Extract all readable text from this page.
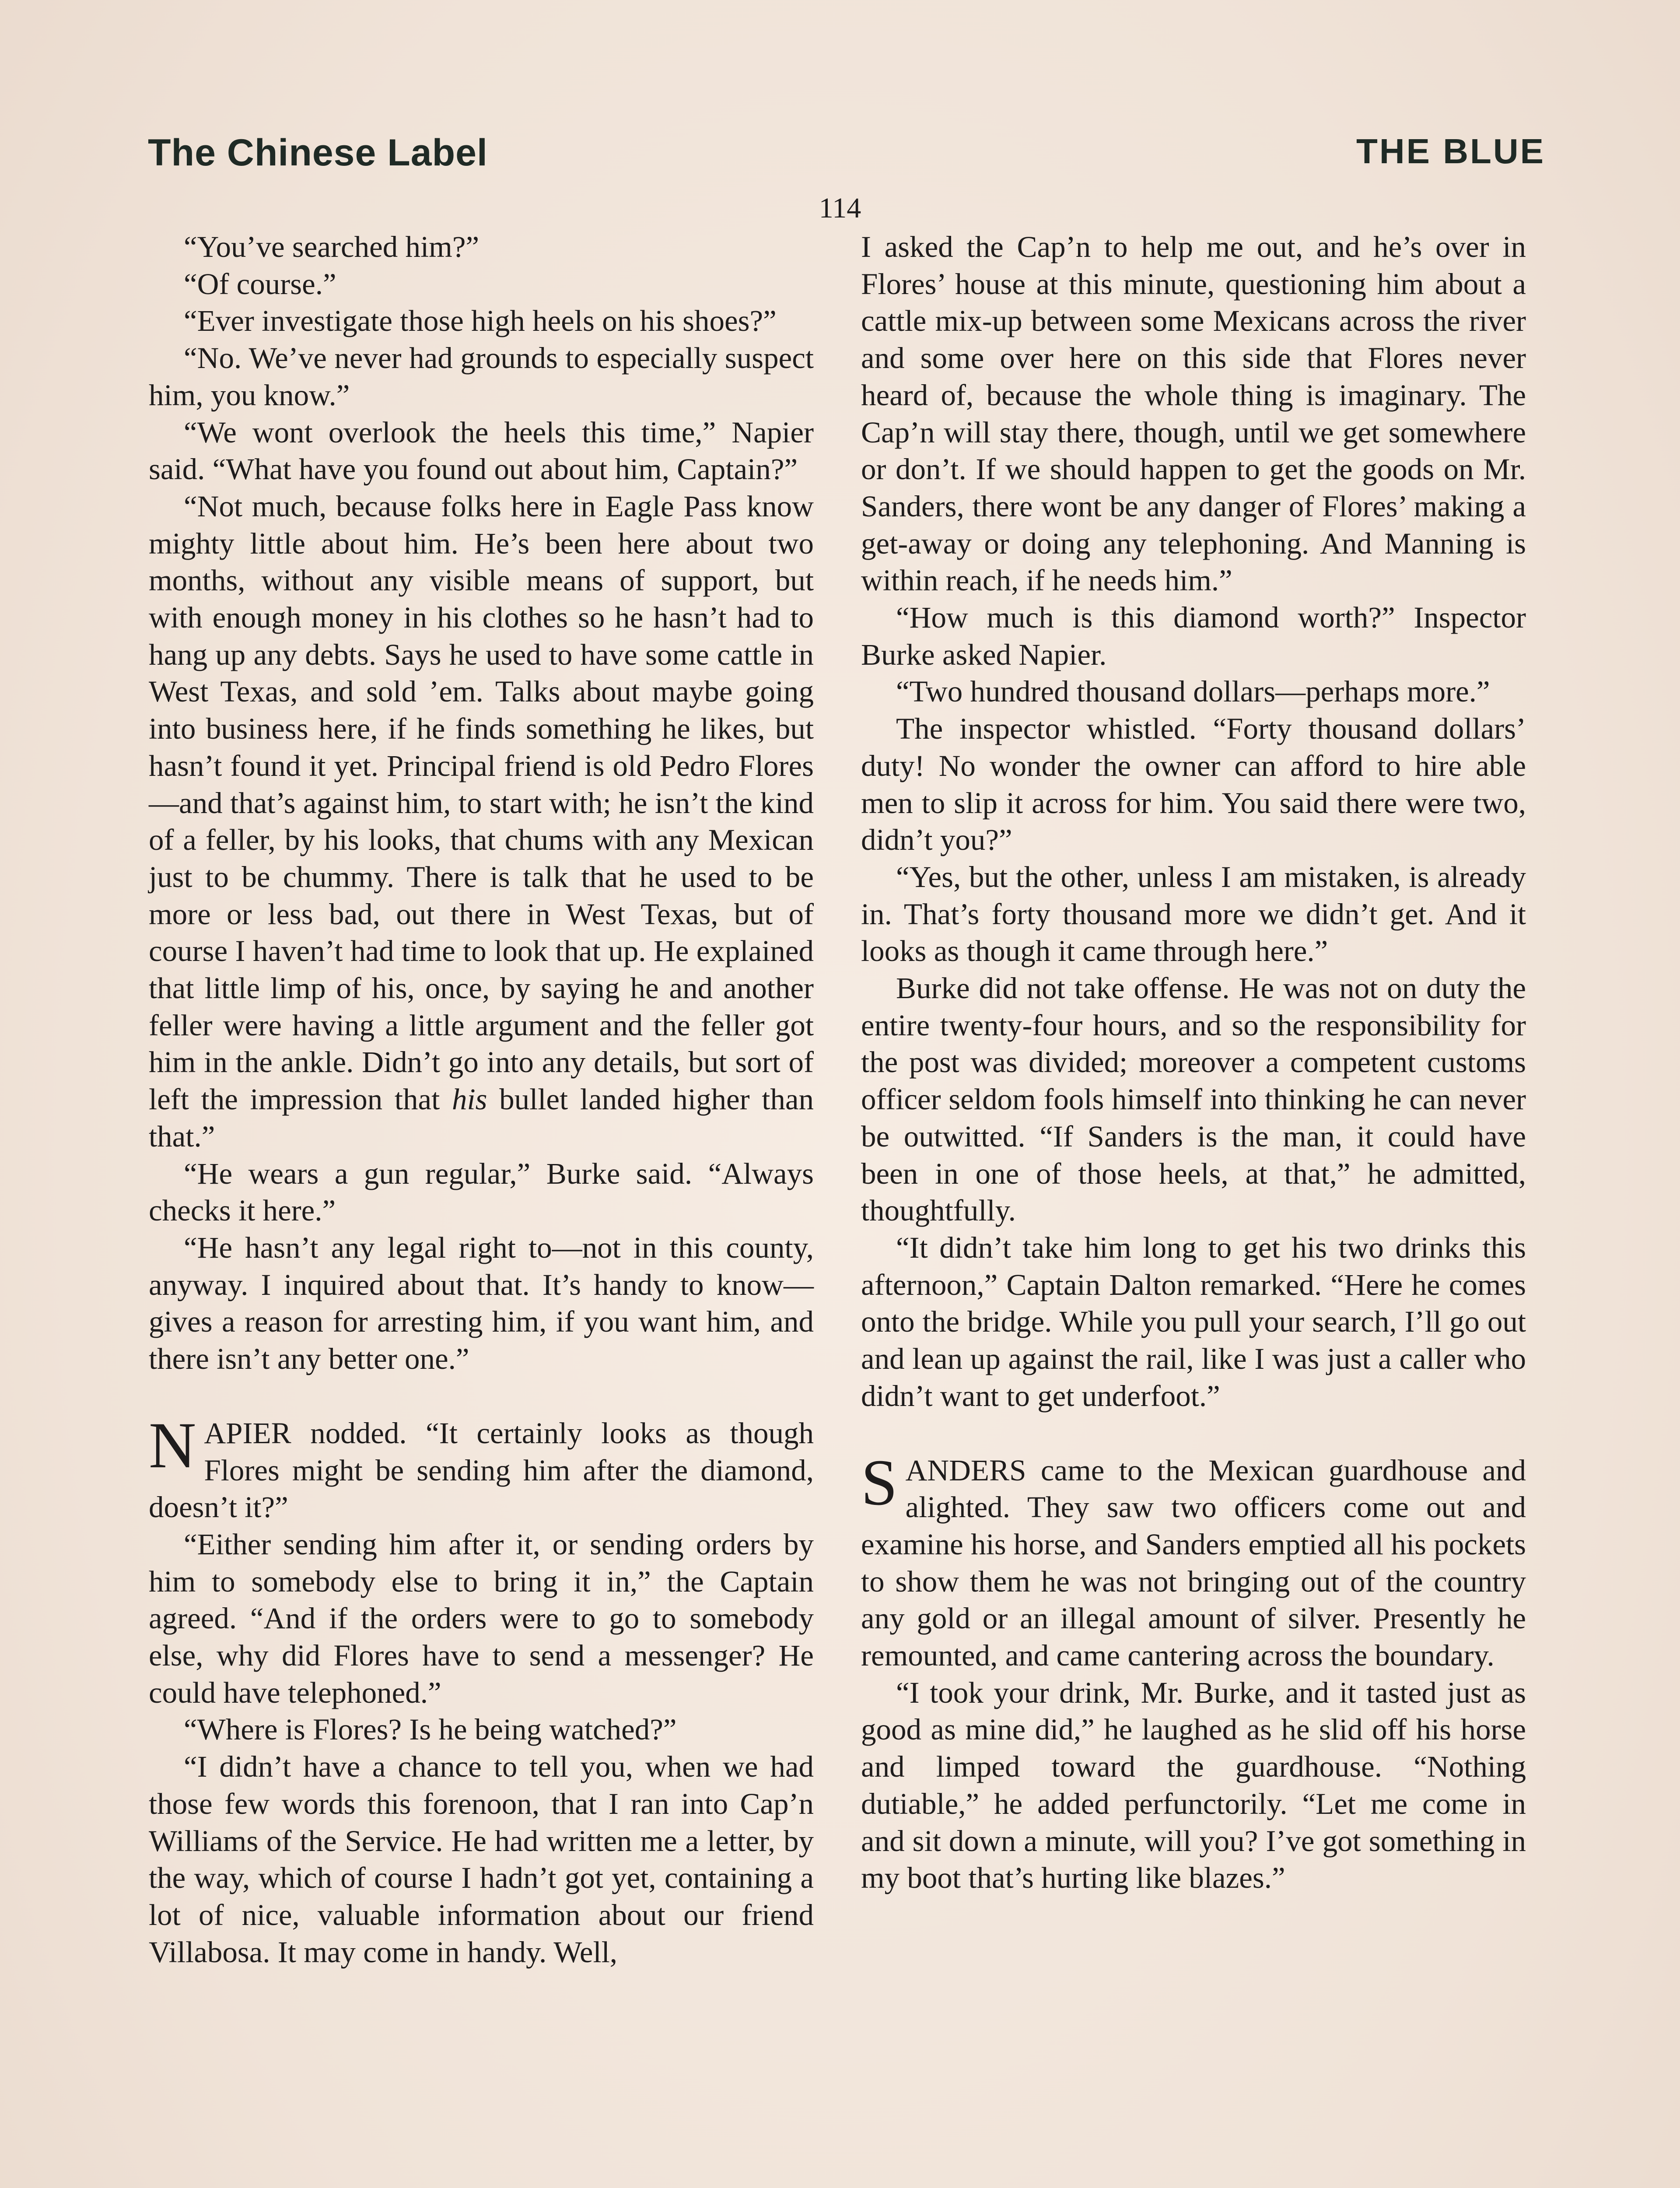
The Chinese Label	THE BLUE
114

“You’ve searched him?”

“Of course.”

“Ever investigate those high heels on his shoes?”

“No. We’ve never had grounds to especially suspect him, you know.”

“We wont overlook the heels this time,” Napier said. “What have you found out about him, Captain?”

“Not much, because folks here in Eagle Pass know mighty little about him. He’s been here about two months, without any visible means of support, but with enough money in his clothes so he hasn’t had to hang up any debts. Says he used to have some cattle in West Texas, and sold ’em. Talks about maybe going into business here, if he finds something he likes, but hasn’t found it yet. Principal friend is old Pedro Flores—and that’s against him, to start with; he isn’t the kind of a feller, by his looks, that chums with any Mexican just to be chummy. There is talk that he used to be more or less bad, out there in West Texas, but of course I haven’t had time to look that up. He explained that little limp of his, once, by saying he and another feller were having a little argument and the feller got him in the ankle. Didn’t go into any details, but sort of left the impression that his bullet landed higher than that.”

“He wears a gun regular,” Burke said. “Always checks it here.”

“He hasn’t any legal right to—not in this county, anyway. I inquired about that. It’s handy to know—gives a reason for arresting him, if you want him, and there isn’t any better one.”

NAPIER nodded. “It certainly looks as though Flores might be sending him after the diamond, doesn’t it?”

“Either sending him after it, or sending orders by him to somebody else to bring it in,” the Captain agreed. “And if the orders were to go to somebody else, why did Flores have to send a messenger? He could have telephoned.”

“Where is Flores? Is he being watched?”

“I didn’t have a chance to tell you, when we had those few words this forenoon, that I ran into Cap’n Williams of the Service. He had written me a letter, by the way, which of course I hadn’t got yet, containing a lot of nice, valuable information about our friend Villabosa. It may come in handy. Well,

I asked the Cap’n to help me out, and he’s over in Flores’ house at this minute, questioning him about a cattle mix-up between some Mexicans across the river and some over here on this side that Flores never heard of, because the whole thing is imaginary. The Cap’n will stay there, though, until we get somewhere or don’t. If we should happen to get the goods on Mr. Sanders, there wont be any danger of Flores’ making a get-away or doing any telephoning. And Manning is within reach, if he needs him.”

“How much is this diamond worth?” Inspector Burke asked Napier.

“Two hundred thousand dollars—perhaps more.”

The inspector whistled. “Forty thousand dollars’ duty! No wonder the owner can afford to hire able men to slip it across for him. You said there were two, didn’t you?”

“Yes, but the other, unless I am mistaken, is already in. That’s forty thousand more we didn’t get. And it looks as though it came through here.”

Burke did not take offense. He was not on duty the entire twenty-four hours, and so the responsibility for the post was divided; moreover a competent customs officer seldom fools himself into thinking he can never be outwitted. “If Sanders is the man, it could have been in one of those heels, at that,” he admitted, thoughtfully.

“It didn’t take him long to get his two drinks this afternoon,” Captain Dalton remarked. “Here he comes onto the bridge. While you pull your search, I’ll go out and lean up against the rail, like I was just a caller who didn’t want to get underfoot.”

SANDERS came to the Mexican guardhouse and alighted. They saw two officers come out and examine his horse, and Sanders emptied all his pockets to show them he was not bringing out of the country any gold or an illegal amount of silver. Presently he remounted, and came cantering across the boundary.

“I took your drink, Mr. Burke, and it tasted just as good as mine did,” he laughed as he slid off his horse and limped toward the guardhouse. “Nothing dutiable,” he added perfunctorily. “Let me come in and sit down a minute, will you? I’ve got something in my boot that’s hurting like blazes.”
